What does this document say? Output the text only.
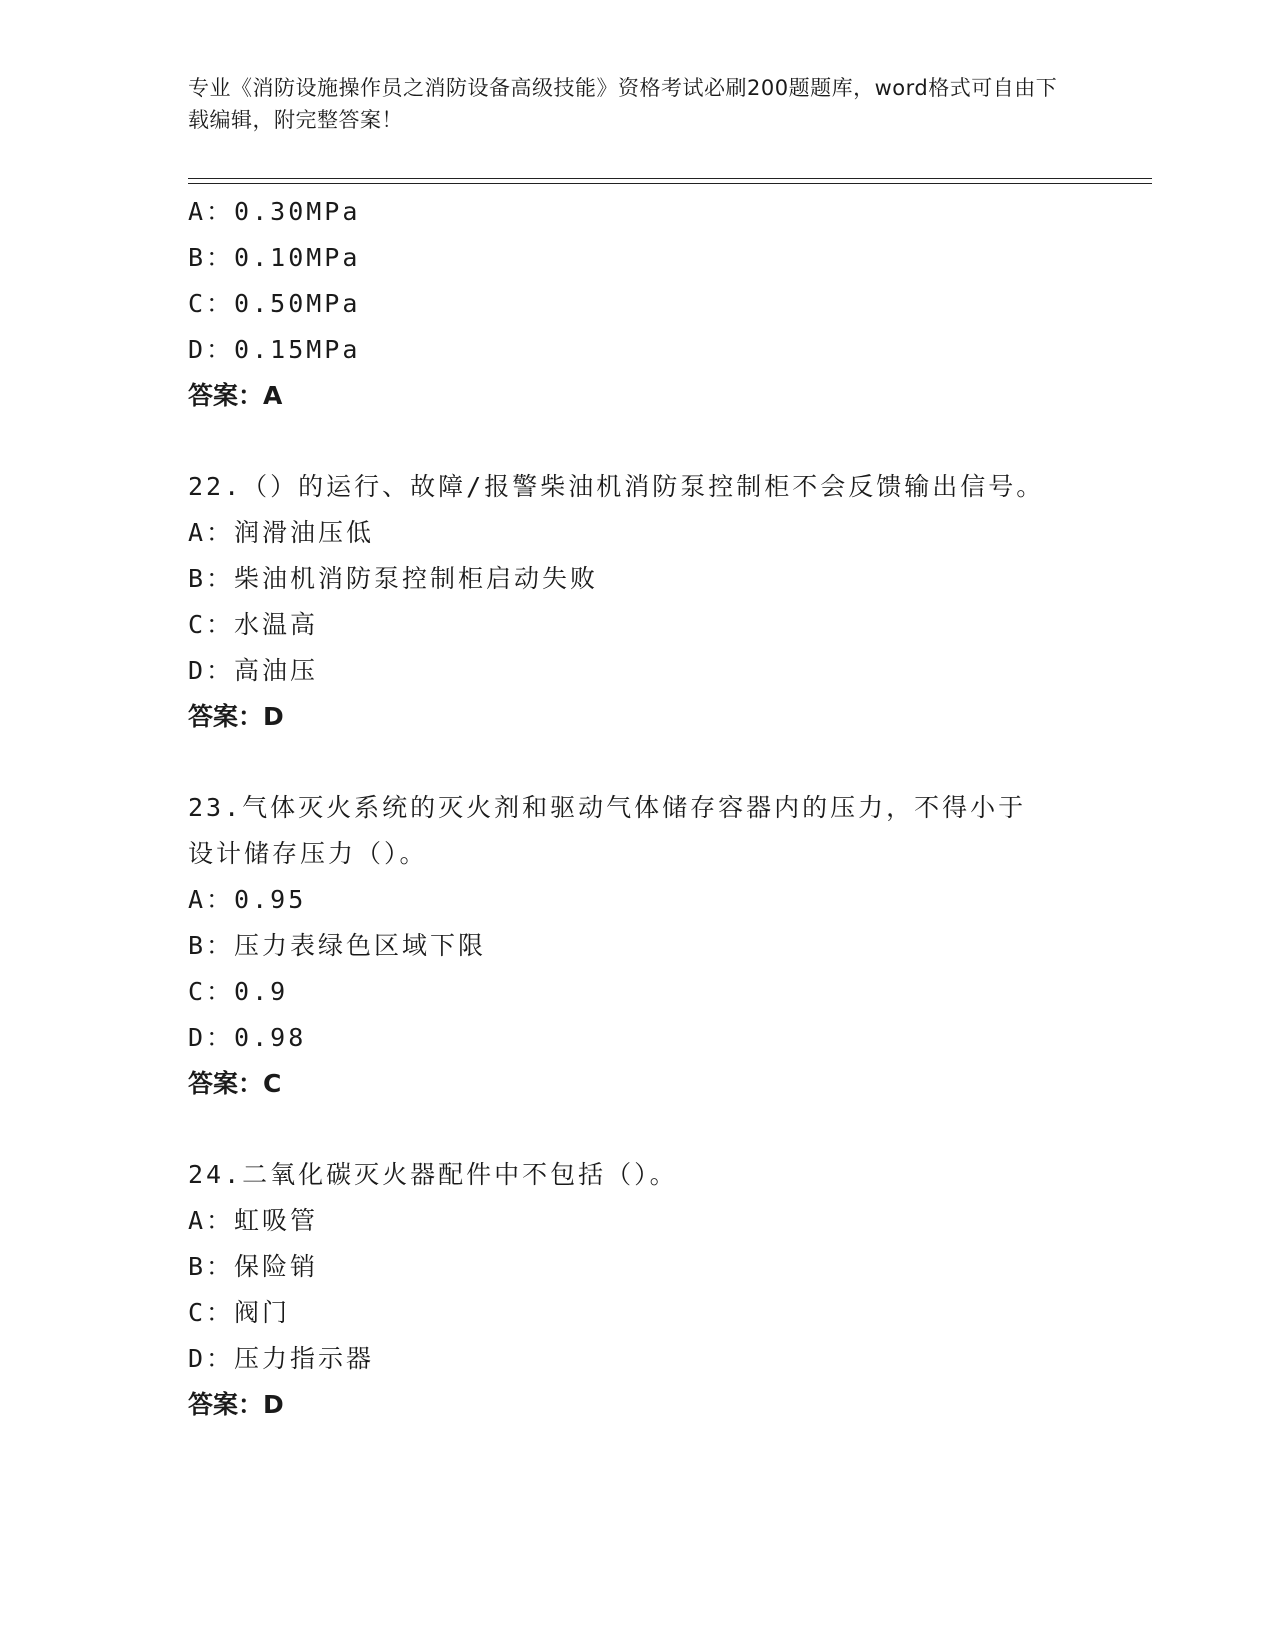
专业《消防设施操作员之消防设备高级技能》资格考试必刷200题题库，word格式可自由下载编辑，附完整答案！
A：0.30MPa
B：0.10MPa
C：0.50MPa
D：0.15MPa
答案：A
22.（）的运行、故障/报警柴油机消防泵控制柜不会反馈输出信号。
A：润滑油压低
B：柴油机消防泵控制柜启动失败
C：水温高
D：高油压
答案：D
23.气体灭火系统的灭火剂和驱动气体储存容器内的压力，不得小于设计储存压力（）。
A：0.95
B：压力表绿色区域下限
C：0.9
D：0.98
答案：C
24.二氧化碳灭火器配件中不包括（）。
A：虹吸管
B：保险销
C：阀门
D：压力指示器
答案：D
